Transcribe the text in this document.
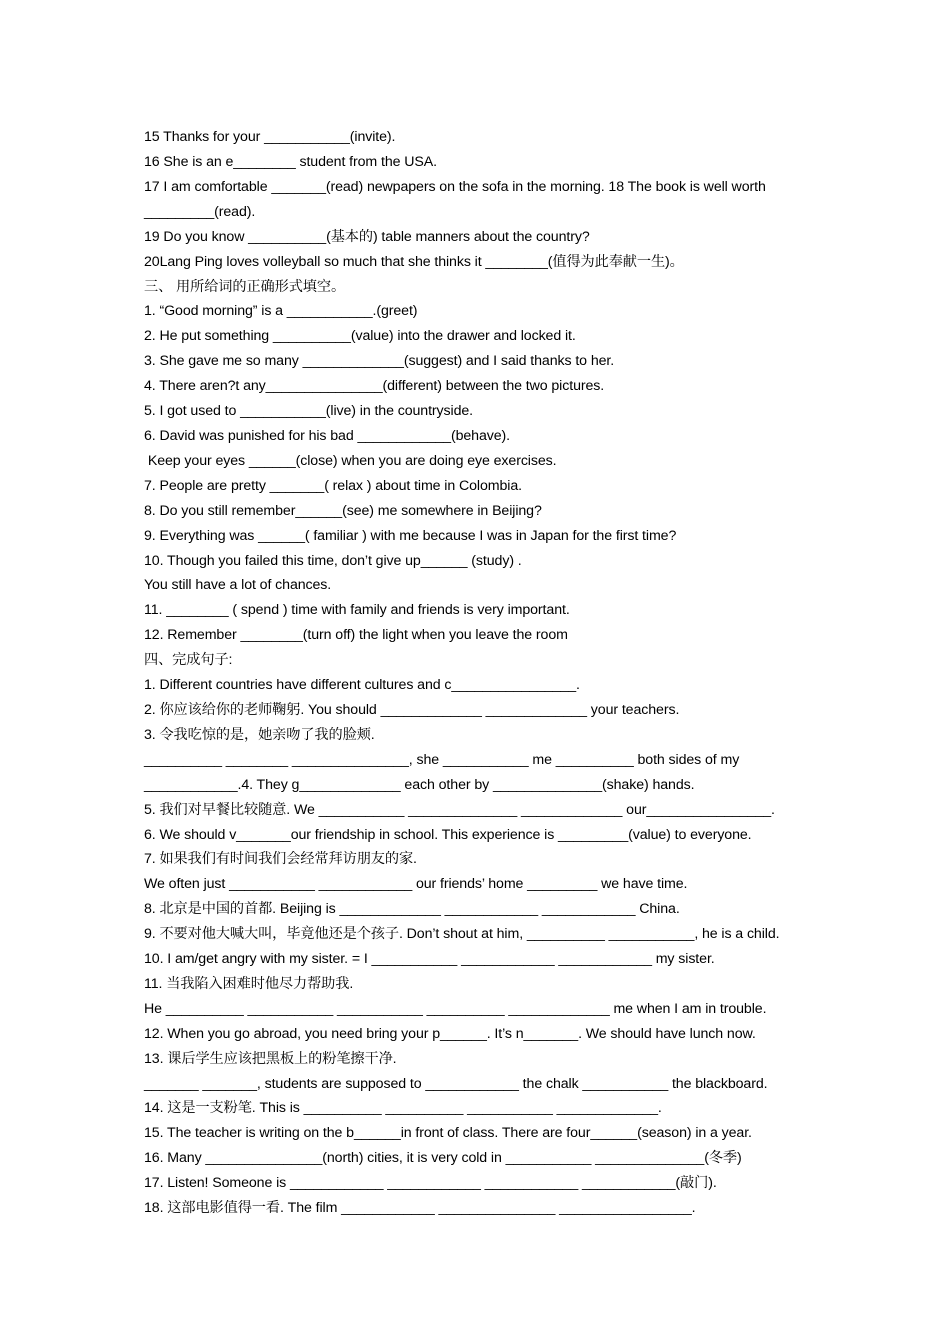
15 Thanks for your ___________(invite).
16 She is an e________ student from the USA.
17 I am comfortable _______(read) newpapers on the sofa in the morning. 18 The book is well worth
_________(read).
19 Do you know __________(基本的) table manners about the country?
20Lang Ping loves volleyball so much that she thinks it ________(值得为此奉献一生)。
三、 用所给词的正确形式填空。
1. “Good morning” is a ___________.(greet)
2. He put something __________(value) into the drawer and locked it.
3. She gave me so many _____________(suggest) and I said thanks to her.
4. There aren?t any_______________(different) between the two pictures.
5. I got used to ___________(live) in the countryside.
6. David was punished for his bad ____________(behave).
Keep your eyes ______(close) when you are doing eye exercises.
7. People are pretty _______( relax ) about time in Colombia.
8. Do you still remember______(see) me somewhere in Beijing?
9. Everything was ______( familiar ) with me because I was in Japan for the first time?
10. Though you failed this time, don’t give up______ (study) .
You still have a lot of chances.
11. ________ ( spend ) time with family and friends is very important.
12. Remember ________(turn off) the light when you leave the room
四、完成句子:
1. Different countries have different cultures and c________________.
2. 你应该给你的老师鞠躬. You should _____________ _____________ your teachers.
3. 令我吃惊的是，她亲吻了我的脸颊.
__________ ________ _______________, she ___________ me __________ both sides of my
____________.4. They g_____________ each other by ______________(shake) hands.
5. 我们对早餐比较随意. We ___________ ______________ _____________ our________________.
6. We should v_______our friendship in school. This experience is _________(value) to everyone.
7. 如果我们有时间我们会经常拜访朋友的家.
We often just ___________ ____________ our friends’ home _________ we have time.
8. 北京是中国的首都. Beijing is _____________ ____________ ____________ China.
9. 不要对他大喊大叫，毕竟他还是个孩子. Don’t shout at him, __________ ___________, he is a child.
10. I am/get angry with my sister. = I ___________ ____________ ____________ my sister.
11. 当我陷入困难时他尽力帮助我.
He __________ ___________ ___________ __________ _____________ me when I am in trouble.
12. When you go abroad, you need bring your p______. It’s n_______. We should have lunch now.
13. 课后学生应该把黑板上的粉笔擦干净.
_______ _______, students are supposed to ____________ the chalk ___________ the blackboard.
14. 这是一支粉笔. This is __________ __________ ___________ _____________.
15. The teacher is writing on the b______in front of class. There are four______(season) in a year.
16. Many _______________(north) cities, it is very cold in ___________ ______________(冬季)
17. Listen! Someone is ____________ ____________ ____________ ____________(敲门).
18. 这部电影值得一看. The film ____________ _______________ _________________.
